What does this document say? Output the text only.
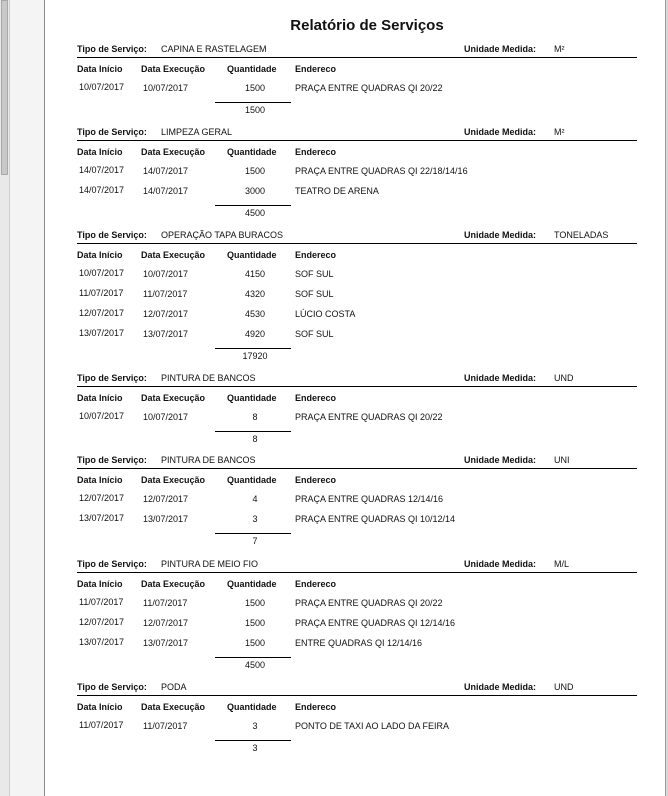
Relatório de Serviços
Tipo de Serviço: CAPINA E RASTELAGEM	Unidade Medida: M²
Data Início Data Execução Quantidade Endereco
10/07/2017 10/07/2017	1500	PRAÇA ENTRE QUADRAS QI 20/22
1500
Tipo de Serviço: LIMPEZA GERAL	Unidade Medida: M²
Data Início Data Execução Quantidade Endereco
14/07/2017 14/07/2017	1500	PRAÇA ENTRE QUADRAS QI 22/18/14/16
14/07/2017 14/07/2017	3000	TEATRO DE ARENA
4500
Tipo de Serviço: OPERAÇÃO TAPA BURACOS	Unidade Medida: TONELADAS
Data Início Data Execução Quantidade Endereco
10/07/2017 10/07/2017	4150	SOF SUL
11/07/2017 11/07/2017	4320	SOF SUL
12/07/2017 12/07/2017	4530	LÚCIO COSTA
13/07/2017 13/07/2017	4920	SOF SUL
17920
Tipo de Serviço: PINTURA DE BANCOS	Unidade Medida: UND
Data Início Data Execução Quantidade Endereco
10/07/2017 10/07/2017	8	PRAÇA ENTRE QUADRAS QI 20/22
8
Tipo de Serviço: PINTURA DE BANCOS	Unidade Medida: UNI
Data Início Data Execução Quantidade Endereco
12/07/2017 12/07/2017	4	PRAÇA ENTRE QUADRAS 12/14/16
13/07/2017 13/07/2017	3	PRAÇA ENTRE QUADRAS QI 10/12/14
7
Tipo de Serviço: PINTURA DE MEIO FIO	Unidade Medida: M/L
Data Início Data Execução Quantidade Endereco
11/07/2017 11/07/2017	1500	PRAÇA ENTRE QUADRAS QI 20/22
12/07/2017 12/07/2017	1500	PRAÇA ENTRE QUADRAS QI 12/14/16
13/07/2017 13/07/2017	1500	ENTRE QUADRAS QI 12/14/16
4500
Tipo de Serviço: PODA	Unidade Medida: UND
Data Início Data Execução Quantidade Endereco
11/07/2017 11/07/2017	3	PONTO DE TAXI AO LADO DA FEIRA
3
